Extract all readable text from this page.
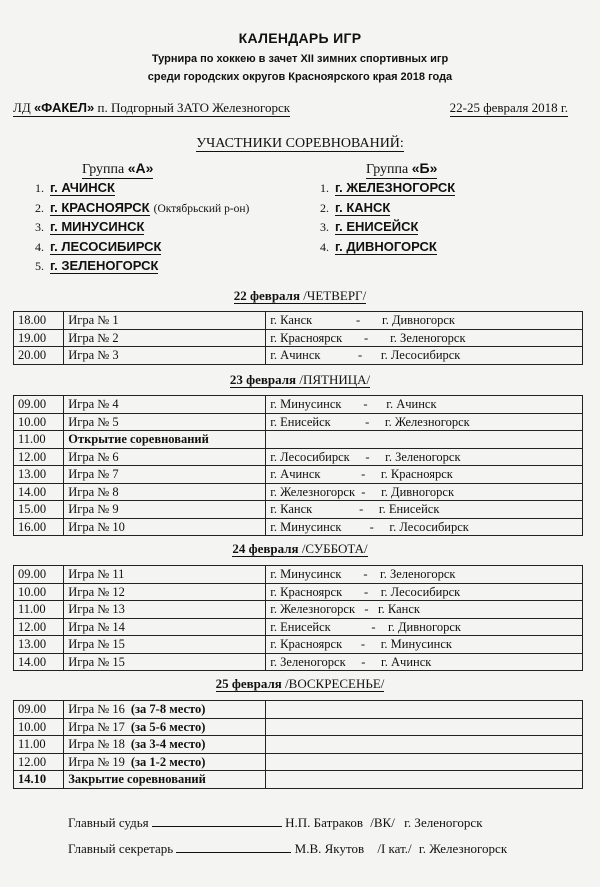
КАЛЕНДАРЬ ИГР
Турнира по хоккею в зачет XII зимних спортивных игр
среди городских округов Красноярского края 2018 года
ЛД «ФАКЕЛ» п. Подгорный ЗАТО Железногорск	22-25 февраля 2018 г.
УЧАСТНИКИ СОРЕВНОВАНИЙ:
Группа «А»	Группа «Б»
1. г. АЧИНСК
2. г. КРАСНОЯРСК (Октябрьский р-он)
3. г. МИНУСИНСК
4. г. ЛЕСОСИБИРСК
5. г. ЗЕЛЕНОГОРСК
1. г. ЖЕЛЕЗНОГОРСК
2. г. КАНСК
3. г. ЕНИСЕЙСК
4. г. ДИВНОГОРСК
22 февраля /ЧЕТВЕРГ/
18.00	Игра № 1	г. Канск              -       г. Дивногорск
19.00	Игра № 2	г. Красноярск       -       г. Зеленогорск
20.00	Игра № 3	г. Ачинск            -      г. Лесосибирск
23 февраля /ПЯТНИЦА/
09.00	Игра № 4	г. Минусинск       -      г. Ачинск
10.00	Игра № 5	г. Енисейск           -     г. Железногорск
11.00	Открытие соревнований	
12.00	Игра № 6	г. Лесосибирск     -     г. Зеленогорск
13.00	Игра № 7	г. Ачинск             -     г. Красноярск
14.00	Игра № 8	г. Железногорск  -     г. Дивногорск
15.00	Игра № 9	г. Канск               -     г. Енисейск
16.00	Игра № 10	г. Минусинск         -     г. Лесосибирск
24 февраля /СУББОТА/
09.00	Игра № 11	г. Минусинск       -    г. Зеленогорск
10.00	Игра № 12	г. Красноярск       -    г. Лесосибирск
11.00	Игра № 13	г. Железногорск   -   г. Канск
12.00	Игра № 14	г. Енисейск             -    г. Дивногорск
13.00	Игра № 15	г. Красноярск      -     г. Минусинск
14.00	Игра № 15	г. Зеленогорск     -     г. Ачинск
25 февраля /ВОСКРЕСЕНЬЕ/
09.00	Игра № 16 (за 7-8 место)	
10.00	Игра № 17 (за 5-6 место)	
11.00	Игра № 18 (за 3-4 место)	
12.00	Игра № 19 (за 1-2 место)	
14.10	Закрытие соревнований	
Главный судья	Н.П. Батраков /ВК/ г. Зеленогорск
Главный секретарь	М.В. Якутов /I кат./ г. Железногорск
